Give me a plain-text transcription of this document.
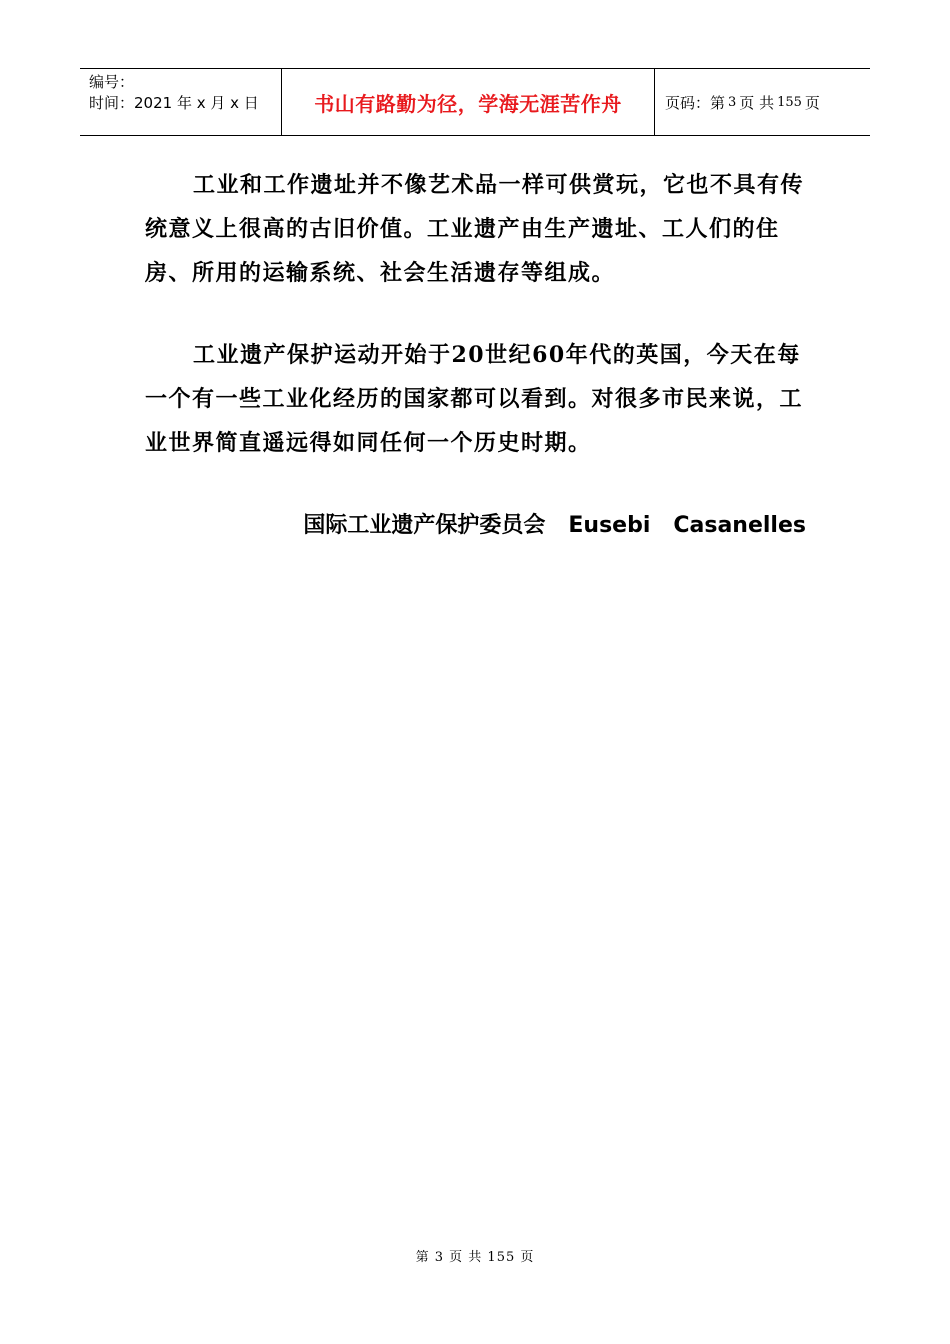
编号：
时间：2021 年 x 月 x 日	书山有路勤为径，学海无涯苦作舟	页码：第 3 页 共 155 页

工业和工作遗址并不像艺术品一样可供赏玩，它也不具有传统意义上很高的古旧价值。工业遗产由生产遗址、工人们的住房、所用的运输系统、社会生活遗存等组成。

工业遗产保护运动开始于20世纪60年代的英国，今天在每一个有一些工业化经历的国家都可以看到。对很多市民来说，工业世界简直遥远得如同任何一个历史时期。

国际工业遗产保护委员会   Eusebi   Casanelles
第 3 页 共 155 页
